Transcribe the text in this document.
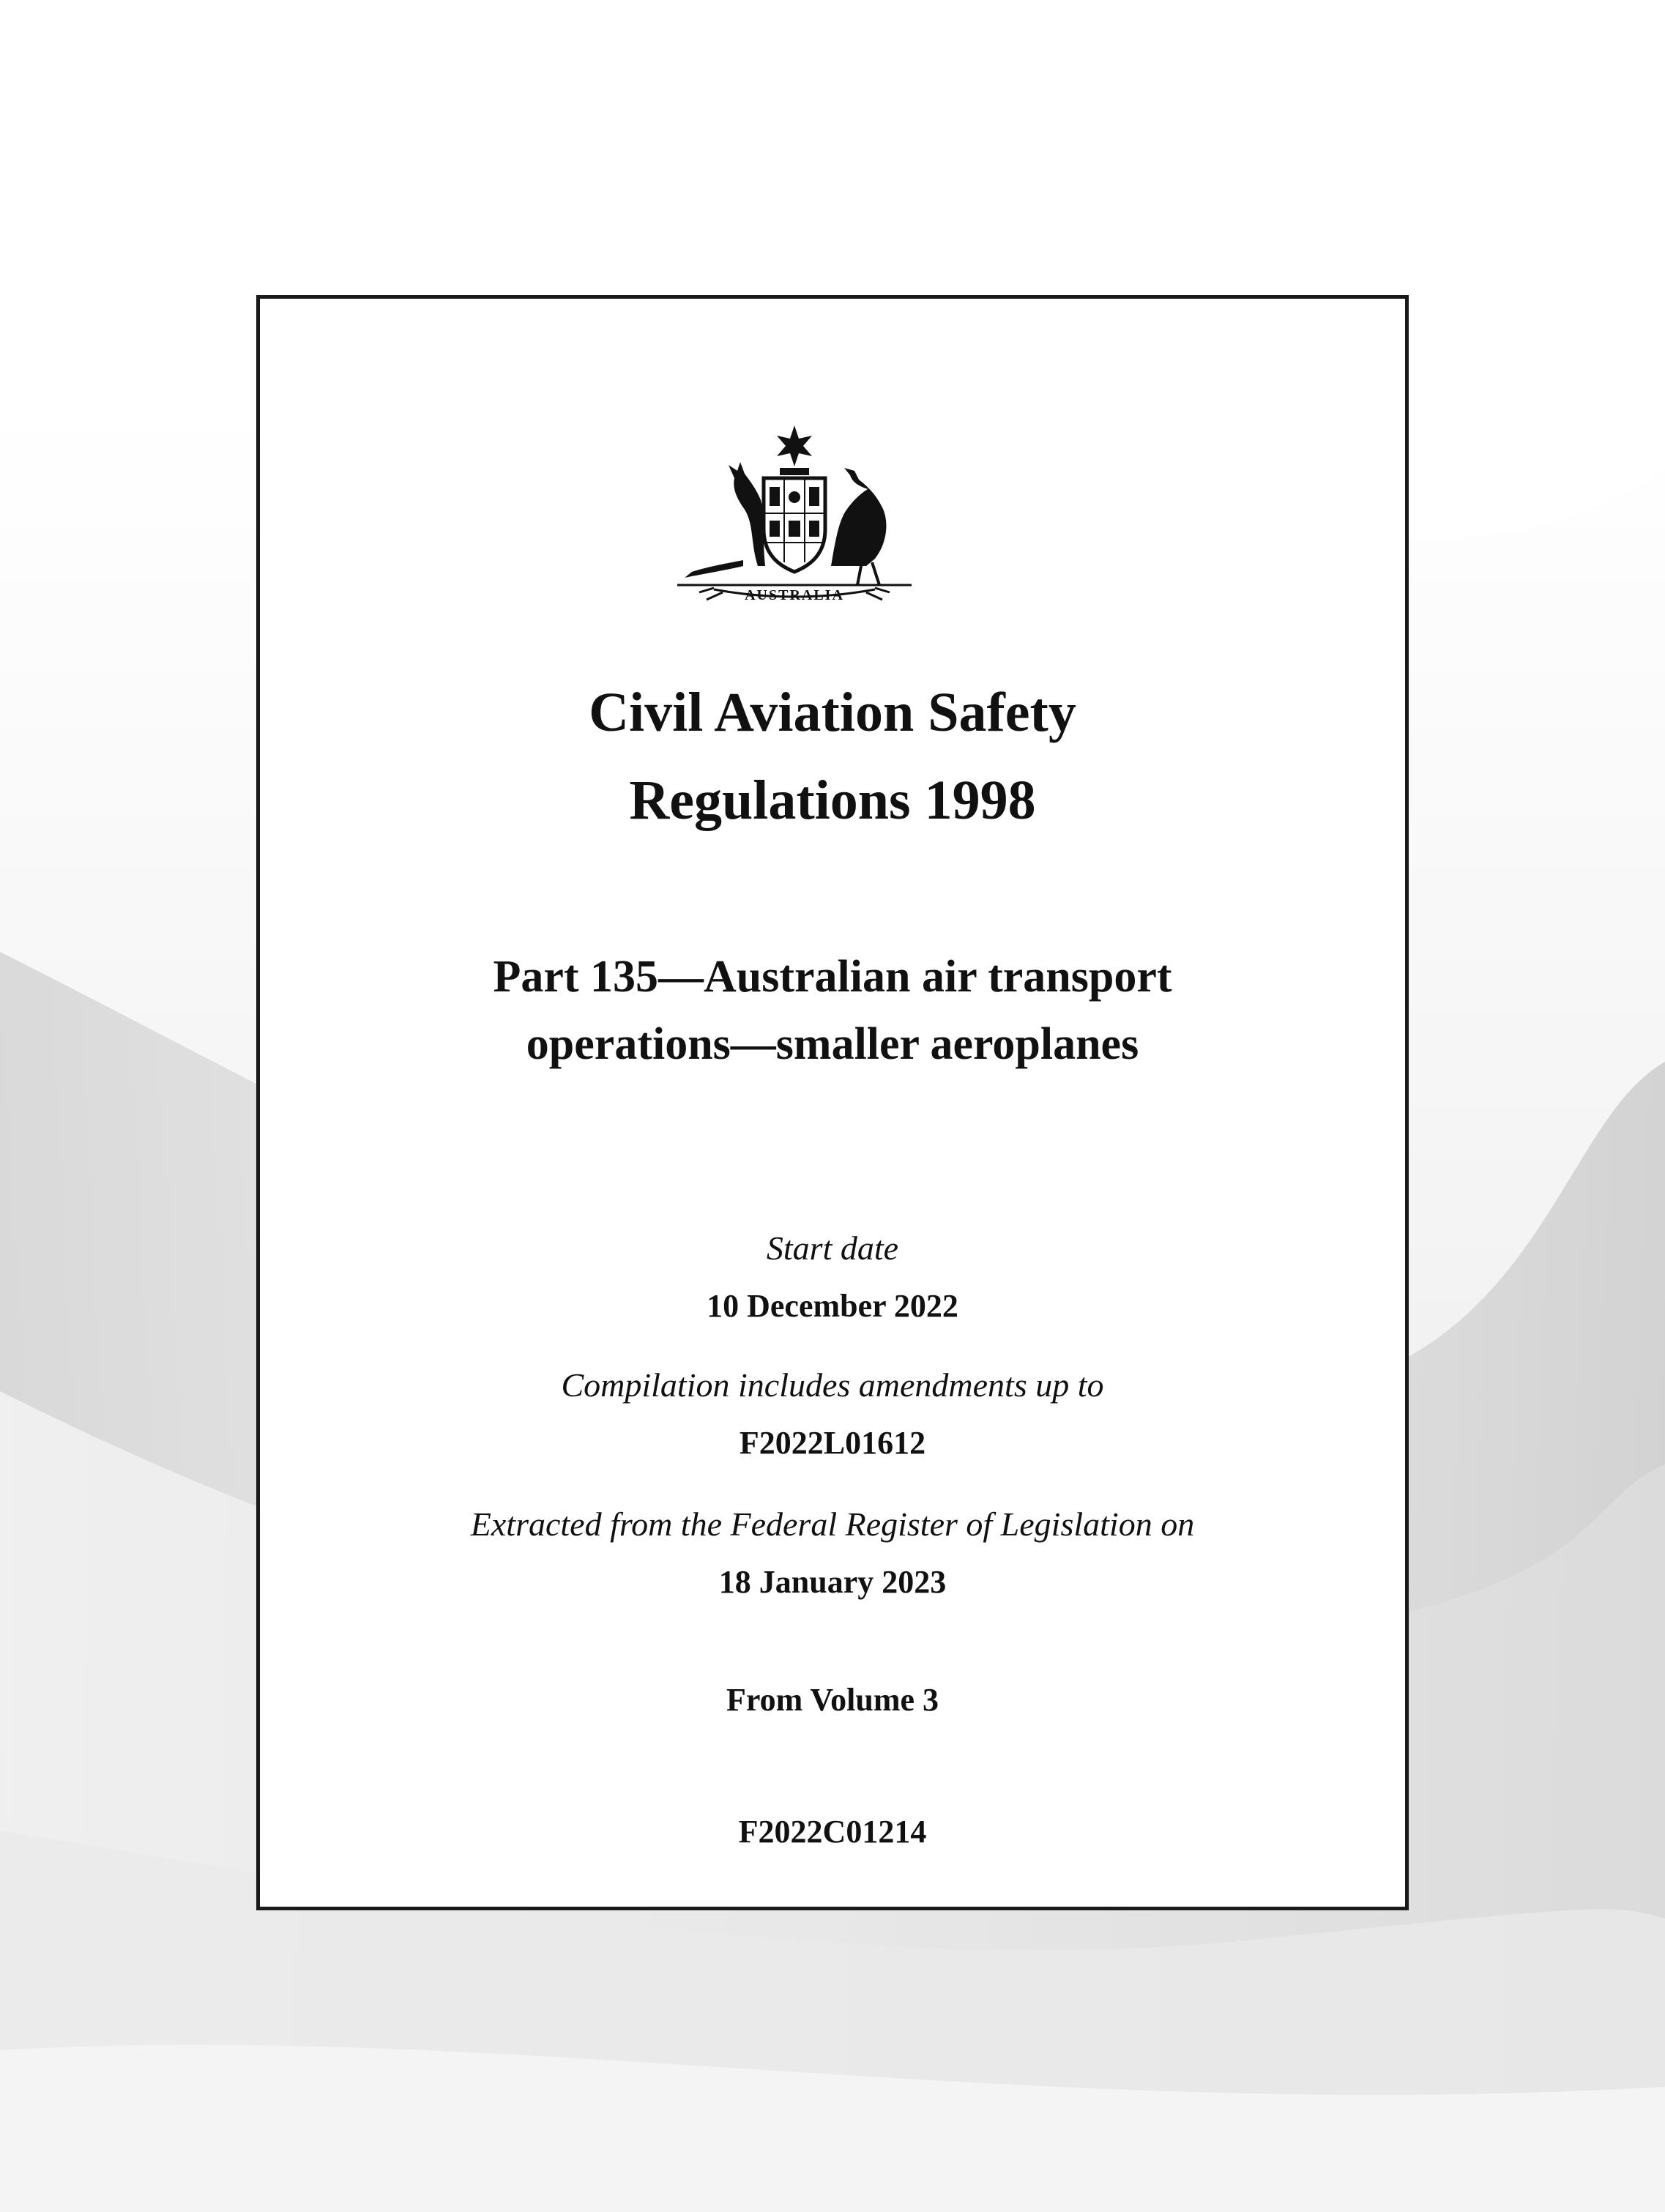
AUSTRALIA
Civil Aviation Safety
Regulations 1998
Part 135—Australian air transport
operations—smaller aeroplanes
Start date
10 December 2022
Compilation includes amendments up to
F2022L01612
Extracted from the Federal Register of Legislation on
18 January 2023
From Volume 3
F2022C01214
